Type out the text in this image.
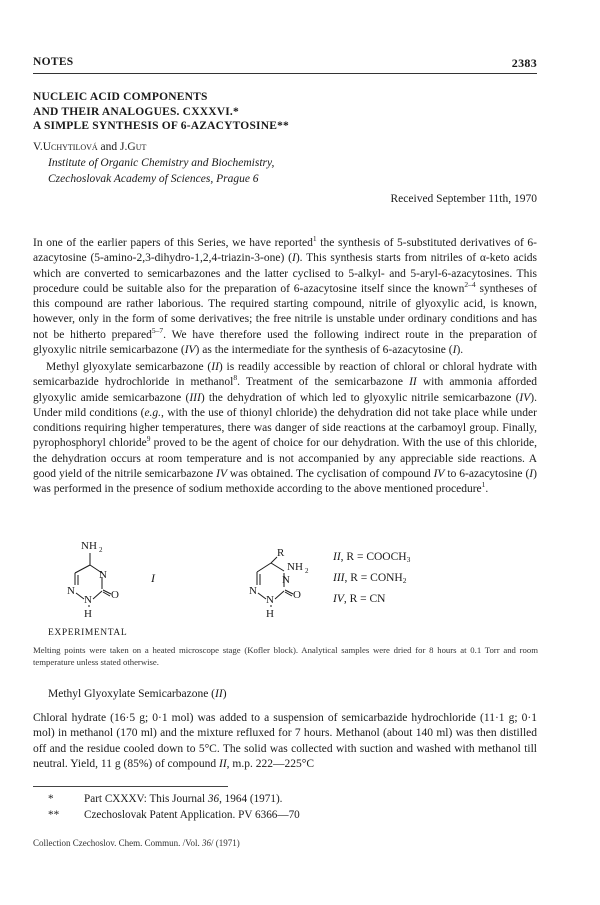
NOTES	2383
NUCLEIC ACID COMPONENTS
AND THEIR ANALOGUES. CXXXVI.*
A SIMPLE SYNTHESIS OF 6-AZACYTOSINE**
V.Uchytilová and J.Gut
Institute of Organic Chemistry and Biochemistry,
Czechoslovak Academy of Sciences, Prague 6
Received September 11th, 1970

In one of the earlier papers of this Series, we have reported$^1$ the synthesis of 5-substituted derivatives of 6-azacytosine (5-amino-2,3-dihydro-1,2,4-triazin-3-one) (I). This synthesis starts from nitriles of α-keto acids which are converted to semicarbazones and the latter cyclised to 5-alkyl- and 5-aryl-6-azacytosines. This procedure could be suitable also for the preparation of 6-azacytosine itself since the known$^{2-4}$ syntheses of this compound are rather laborious. The required starting compound, nitrile of glyoxylic acid, is known, however, only in the form of some derivatives; the free nitrile is unstable under ordinary conditions and has not be hitherto prepared$^{5-7}$. We have therefore used the following indirect route in the preparation of glyoxylic nitrile semicarbazone (IV) as the intermediate for the synthesis of 6-azacytosine (I).

Methyl glyoxylate semicarbazone (II) is readily accessible by reaction of chloral or chloral hydrate with semicarbazide hydrochloride in methanol$^8$. Treatment of the semicarbazone II with ammonia afforded glyoxylic amide semicarbazone (III) the dehydration of which led to glyoxylic nitrile semicarbazone (IV). Under mild conditions (e.g., with the use of thionyl chloride) the dehydration did not take place while under conditions requiring higher temperatures, there was danger of side reactions at the carbamoyl group. Finally, pyrophosphoryl chloride$^9$ proved to be the agent of choice for our dehydration. With the use of this chloride, the dehydration occurs at room temperature and is not accompanied by any appreciable side reactions. A good yield of the nitrile semicarbazone IV was obtained. The cyclisation of compound IV to 6-azacytosine (I) was performed in the presence of sodium methoxide according to the above mentioned procedure$^1$.

NH 2
N
N
N O
H
R
NH 2
N
N
N O
H
I
II, $R = COOCH_3$
III, $R = CONH_2$
IV, R = CN
EXPERIMENTAL
Melting points were taken on a heated microscope stage (Kofler block). Analytical samples were dried for 8 hours at 0.1 Torr and room temperature unless stated otherwise.
Methyl Glyoxylate Semicarbazone (II)

Chloral hydrate (16·5 g; 0·1 mol) was added to a suspension of semicarbazide hydrochloride (11·1 g; 0·1 mol) in methanol (170 ml) and the mixture refluxed for 7 hours. Methanol (about 140 ml) was then distilled off and the residue cooled down to 5°C. The solid was collected with suction and washed with methanol till neutral. Yield, 11 g (85%) of compound II, m.p. 222—225°C

*	Part CXXXV: This Journal 36, 1964 (1971).
** Czechoslovak Patent Application. PV 6366—70
Collection Czechoslov. Chem. Commun. /Vol. 36/ (1971)
